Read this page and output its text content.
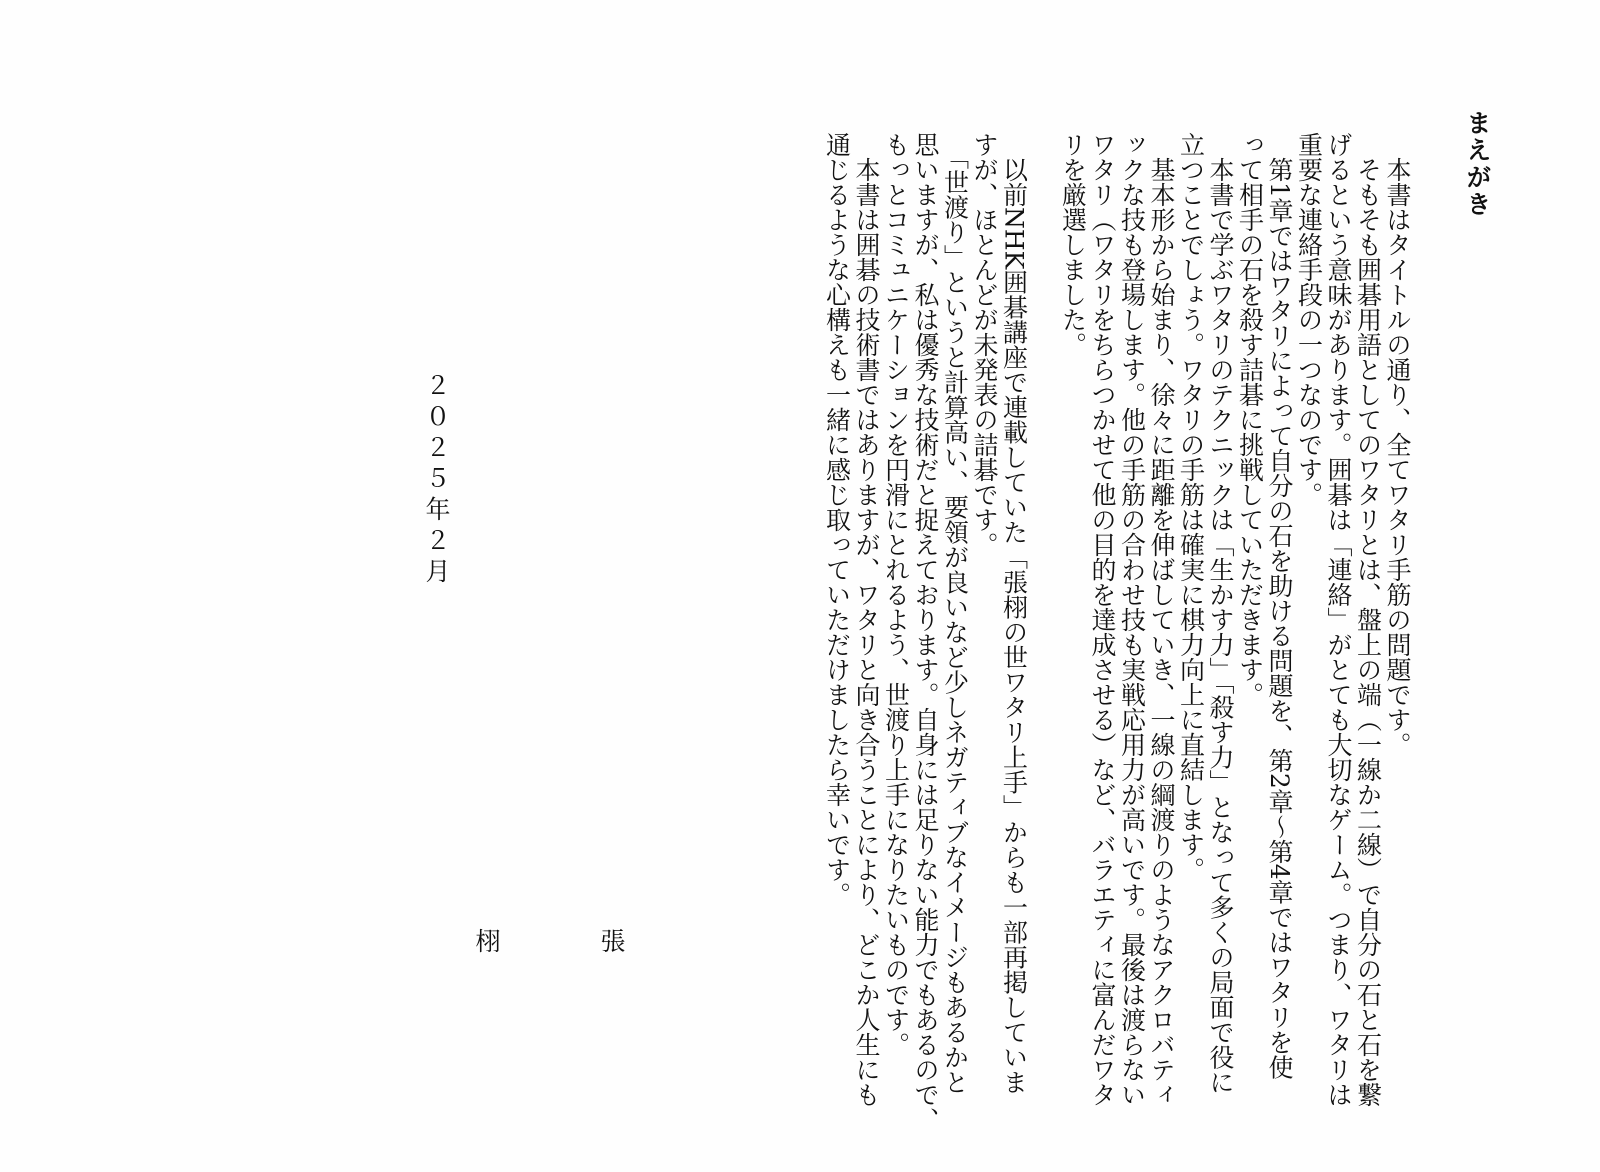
まえがき
　本書はタイトルの通り、全てワタリ手筋の問題です。
　そもそも囲碁用語としてのワタリとは、盤上の端（一線か二線）で自分の石と石を繋
げるという意味があります。囲碁は「連絡」がとても大切なゲーム。つまり、ワタリは
重要な連絡手段の一つなのです。
　第1章ではワタリによって自分の石を助ける問題を、第2章〜第4章ではワタリを使
って相手の石を殺す詰碁に挑戦していただきます。
　本書で学ぶワタリのテクニックは「生かす力」「殺す力」となって多くの局面で役に
立つことでしょう。ワタリの手筋は確実に棋力向上に直結します。
　基本形から始まり、徐々に距離を伸ばしていき、一線の綱渡りのようなアクロバティ
ックな技も登場します。他の手筋の合わせ技も実戦応用力が高いです。最後は渡らない
ワタリ（ワタリをちらつかせて他の目的を達成させる）など、バラエティに富んだワタ
リを厳選しました。
　以前NHK囲碁講座で連載していた「張栩の世ワタリ上手」からも一部再掲していま
すが、ほとんどが未発表の詰碁です。
　「世渡り」というと計算高い、要領が良いなど少しネガティブなイメージもあるかと
思いますが、私は優秀な技術だと捉えております。自身には足りない能力でもあるので、
もっとコミュニケーションを円滑にとれるよう、世渡り上手になりたいものです。
　本書は囲碁の技術書ではありますが、ワタリと向き合うことにより、どこか人生にも
通じるような心構えも一緒に感じ取っていただけましたら幸いです。
２０２５年２月

張

栩
